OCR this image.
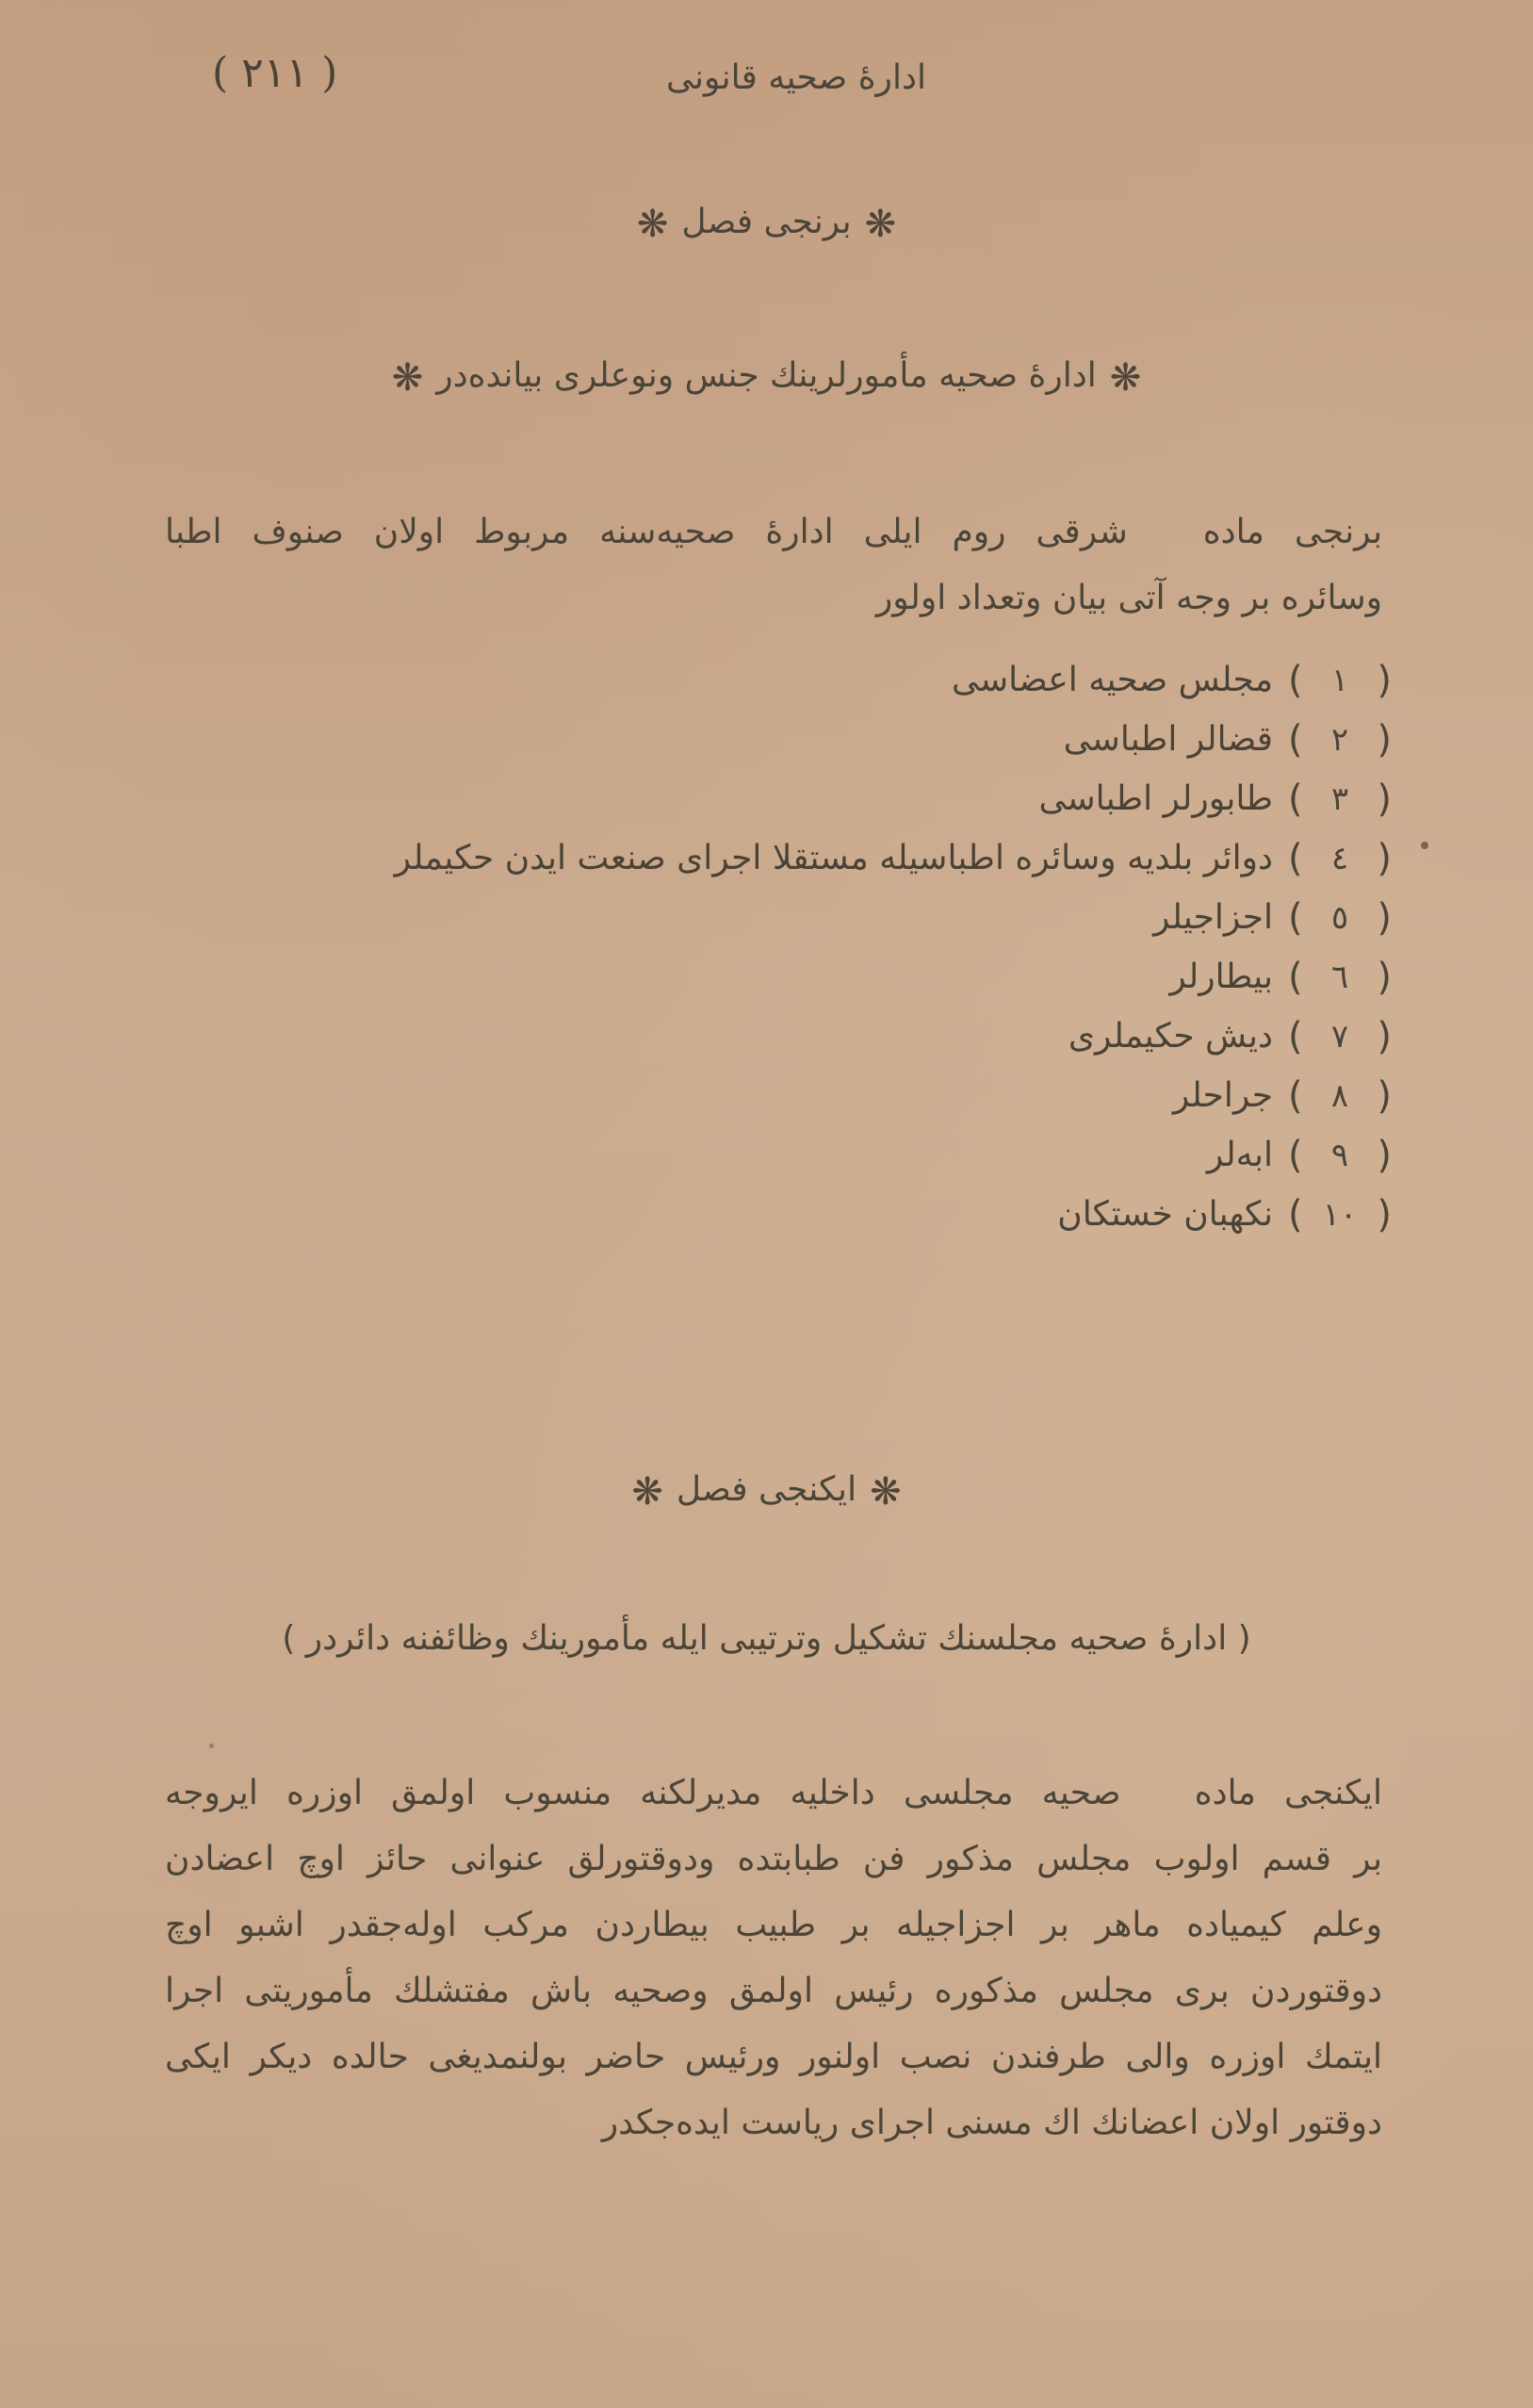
ادارهٔ صحیه قانونی
( ٢١١ )
❋ برنجی فصل ❋
❋ ادارهٔ صحیه مأمورلرینك جنس ونوعلری بیانده‌در ❋
برنجی ماده شرقی روم ایلی ادارهٔ صحیه‌سنه مربوط اولان صنوف اطبا
وسائره بر وجه آتی بیان وتعداد اولور
)
١
(
مجلس صحیه اعضاسی
)
٢
(
قضالر اطباسی
)
٣
(
طابورلر اطباسی
)
٤
(
دوائر بلدیه وسائره اطباسیله مستقلا اجرای صنعت ایدن حکیملر
)
٥
(
اجزاجیلر
)
٦
(
بیطارلر
)
٧
(
دیش حکیملری
)
٨
(
جراحلر
)
٩
(
ابه‌لر
)
١٠
(
نکهبان خستکان
❋ ایکنجی فصل ❋
( ادارهٔ صحیه مجلسنك تشکیل وترتیبی ایله مأمورینك وظائفنه دائردر )
ایکنجی ماده صحیه مجلسی داخلیه مدیرلکنه منسوب اولمق اوزره ایروجه
بر قسم اولوب مجلس مذکور فن طبابتده ودوقتورلق عنوانی حائز اوچ اعضادن
وعلم کیمیاده ماهر بر اجزاجیله بر طبیب بیطاردن مرکب اوله‌جقدر اشبو اوچ
دوقتوردن بری مجلس مذکوره رئیس اولمق وصحیه باش مفتشلك مأموریتی اجرا
ایتمك اوزره والی طرفندن نصب اولنور ورئیس حاضر بولنمدیغی حالده دیکر ایکی
دوقتور اولان اعضانك اك مسنی اجرای ریاست ایده‌جکدر
